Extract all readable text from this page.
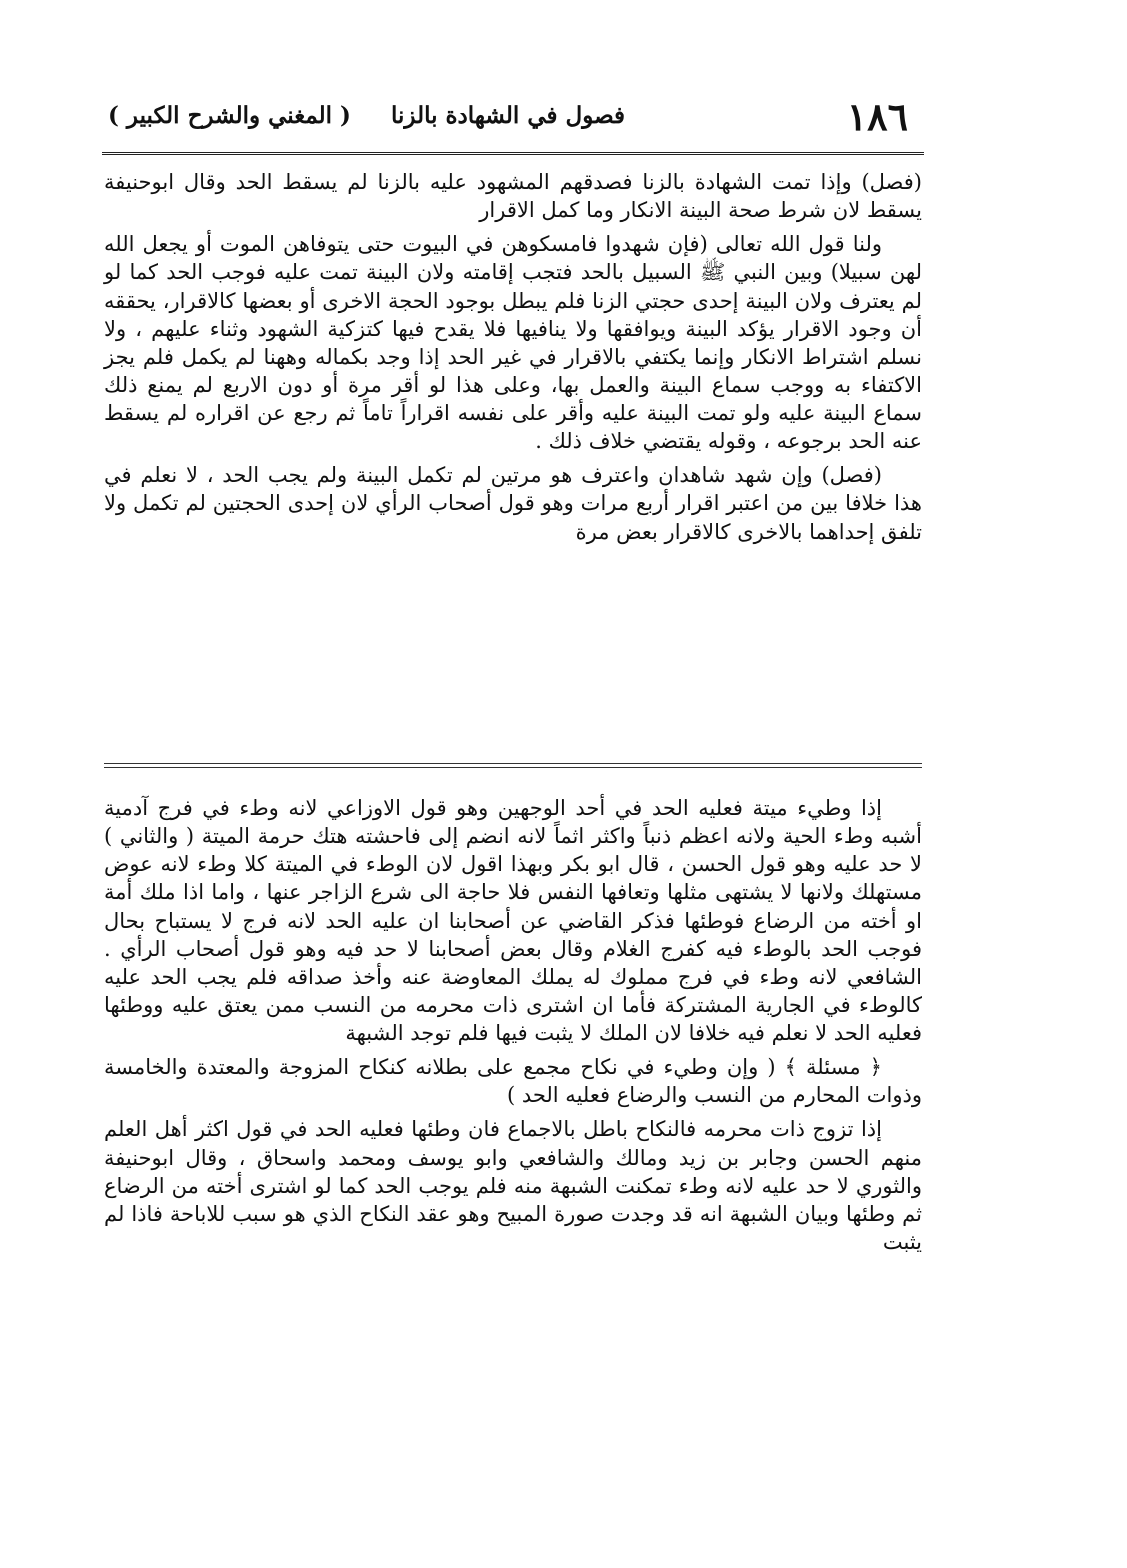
١٨٦
فصول في الشهادة بالزنا
( المغني والشرح الكبير )

(فصل) وإذا تمت الشهادة بالزنا فصدقهم المشهود عليه بالزنا لم يسقط الحد وقال ابوحنيفة يسقط لان شرط صحة البينة الانكار وما كمل الاقرار

ولنا قول الله تعالى (فإن شهدوا فامسكوهن في البيوت حتى يتوفاهن الموت أو يجعل الله لهن سبيلا) وبين النبي ﷺ السبيل بالحد فتجب إقامته ولان البينة تمت عليه فوجب الحد كما لو لم يعترف ولان البينة إحدى حجتي الزنا فلم يبطل بوجود الحجة الاخرى أو بعضها كالاقرار، يحققه أن وجود الاقرار يؤكد البينة ويوافقها ولا ينافيها فلا يقدح فيها كتزكية الشهود وثناء عليهم ، ولا نسلم اشتراط الانكار وإنما يكتفي بالاقرار في غير الحد إذا وجد بكماله وههنا لم يكمل فلم يجز الاكتفاء به ووجب سماع البينة والعمل بها، وعلى هذا لو أقر مرة أو دون الاربع لم يمنع ذلك سماع البينة عليه ولو تمت البينة عليه وأقر على نفسه اقراراً تاماً ثم رجع عن اقراره لم يسقط عنه الحد برجوعه ، وقوله يقتضي خلاف ذلك .

(فصل) وإن شهد شاهدان واعترف هو مرتين لم تكمل البينة ولم يجب الحد ، لا نعلم في هذا خلافا بين من اعتبر اقرار أربع مرات وهو قول أصحاب الرأي لان إحدى الحجتين لم تكمل ولا تلفق إحداهما بالاخرى كالاقرار بعض مرة

إذا وطيء ميتة فعليه الحد في أحد الوجهين وهو قول الاوزاعي لانه وطء في فرج آدمية أشبه وطء الحية ولانه اعظم ذنباً واكثر اثماً لانه انضم إلى فاحشته هتك حرمة الميتة ( والثاني ) لا حد عليه وهو قول الحسن ، قال ابو بكر وبهذا اقول لان الوطء في الميتة كلا وطء لانه عوض مستهلك ولانها لا يشتهى مثلها وتعافها النفس فلا حاجة الى شرع الزاجر عنها ، واما اذا ملك أمة او أخته من الرضاع فوطئها فذكر القاضي عن أصحابنا ان عليه الحد لانه فرج لا يستباح بحال فوجب الحد بالوطء فيه كفرج الغلام وقال بعض أصحابنا لا حد فيه وهو قول أصحاب الرأي . الشافعي لانه وطء في فرج مملوك له يملك المعاوضة عنه وأخذ صداقه فلم يجب الحد عليه كالوطء في الجارية المشتركة فأما ان اشترى ذات محرمه من النسب ممن يعتق عليه ووطئها فعليه الحد لا نعلم فيه خلافا لان الملك لا يثبت فيها فلم توجد الشبهة

﴿ مسئلة ﴾ ( وإن وطيء في نكاح مجمع على بطلانه كنكاح المزوجة والمعتدة والخامسة وذوات المحارم من النسب والرضاع فعليه الحد )

إذا تزوج ذات محرمه فالنكاح باطل بالاجماع فان وطئها فعليه الحد في قول اكثر أهل العلم منهم الحسن وجابر بن زيد ومالك والشافعي وابو يوسف ومحمد واسحاق ، وقال ابوحنيفة والثوري لا حد عليه لانه وطء تمكنت الشبهة منه فلم يوجب الحد كما لو اشترى أخته من الرضاع ثم وطئها وبيان الشبهة انه قد وجدت صورة المبيح وهو عقد النكاح الذي هو سبب للاباحة فاذا لم يثبت
